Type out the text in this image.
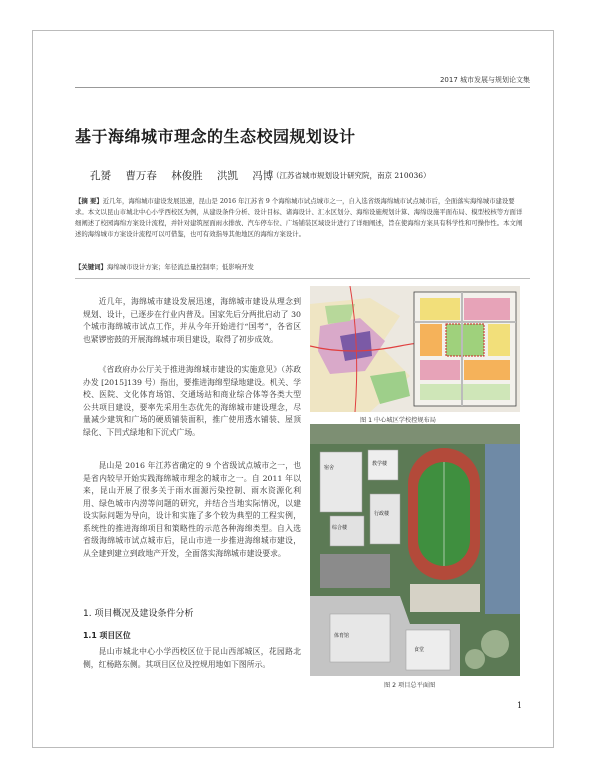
2017 城市发展与规划论文集
基于海绵城市理念的生态校园规划设计
孔赟 曹万春 林俊胜 洪凯 冯博
（江苏省城市规划设计研究院，南京 210036）
【摘 要】近几年，海绵城市建设发展迅速，昆山是 2016 年江苏省 9 个海绵城市试点城市之一，自入选省级海绵城市试点城市后，全面落实海绵城市建设要求。本文以昆山市城北中心小学西校区为例，从建设条件分析、设计目标、诸海设计、汇水区划分、海绵设施规划计算、海绵设施平面布局、模型校核等方面详细阐述了校园海绵方案设计流程，并针对建筑屋面雨水排放、汽车停车位、广场铺装区域设计进行了详细阐述，旨在使海绵方案具有科学性和可操作性。本文阐述的海绵城市方案设计流程可以可借鉴，也可有效指导其他地区的海绵方案设计。
【关键词】海绵城市设计方案；年径流总量控制率；低影响开发

近几年，海绵城市建设发展迅速，海绵城市建设从理念到规划、设计，已逐步在行业内普及。国家先后分两批启动了 30 个城市海绵城市试点工作，并从今年开始进行“国考”，各省区也紧锣密鼓的开展海绵城市项目建设，取得了初步成效。

《省政府办公厅关于推进海绵城市建设的实施意见》（苏政办发 [2015]139 号）指出，要推进海绵型绿地建设。机关、学校、医院、文化体育场馆、交通场站和商业综合体等各类大型公共项目建设，要率先采用生态优先的海绵城市建设理念，尽量减少建筑和广场的硬质铺装面积，推广使用透水铺装、屋顶绿化、下凹式绿地和下沉式广场。

昆山是 2016 年江苏省确定的 9 个省级试点城市之一，也是省内较早开始实践海绵城市理念的城市之一。自 2011 年以来，昆山开展了很多关于雨水面源污染控制、雨水资源化利用、绿色城市内涝等问题的研究，并结合当地实际情况，以建设实际问题为导向，设计和实施了多个较为典型的工程实例，系统性的推进海绵项目和策略性的示范各种海绵类型。自入选省级海绵城市试点城市后，昆山市进一步推进海绵城市建设，从全建到建立到政地产开发，全面落实海绵城市建设要求。

1. 项目概况及建设条件分析
1.1 项目区位

昆山市城北中心小学西校区位于昆山西部城区，花园路北侧，红杨路东侧。其项目区位及控规用地如下图所示。

图 1 中心城区学校控规布局
教学楼
综合楼
行政楼
体育馆
食堂
宿舍
图 2 项目总平面图
1
